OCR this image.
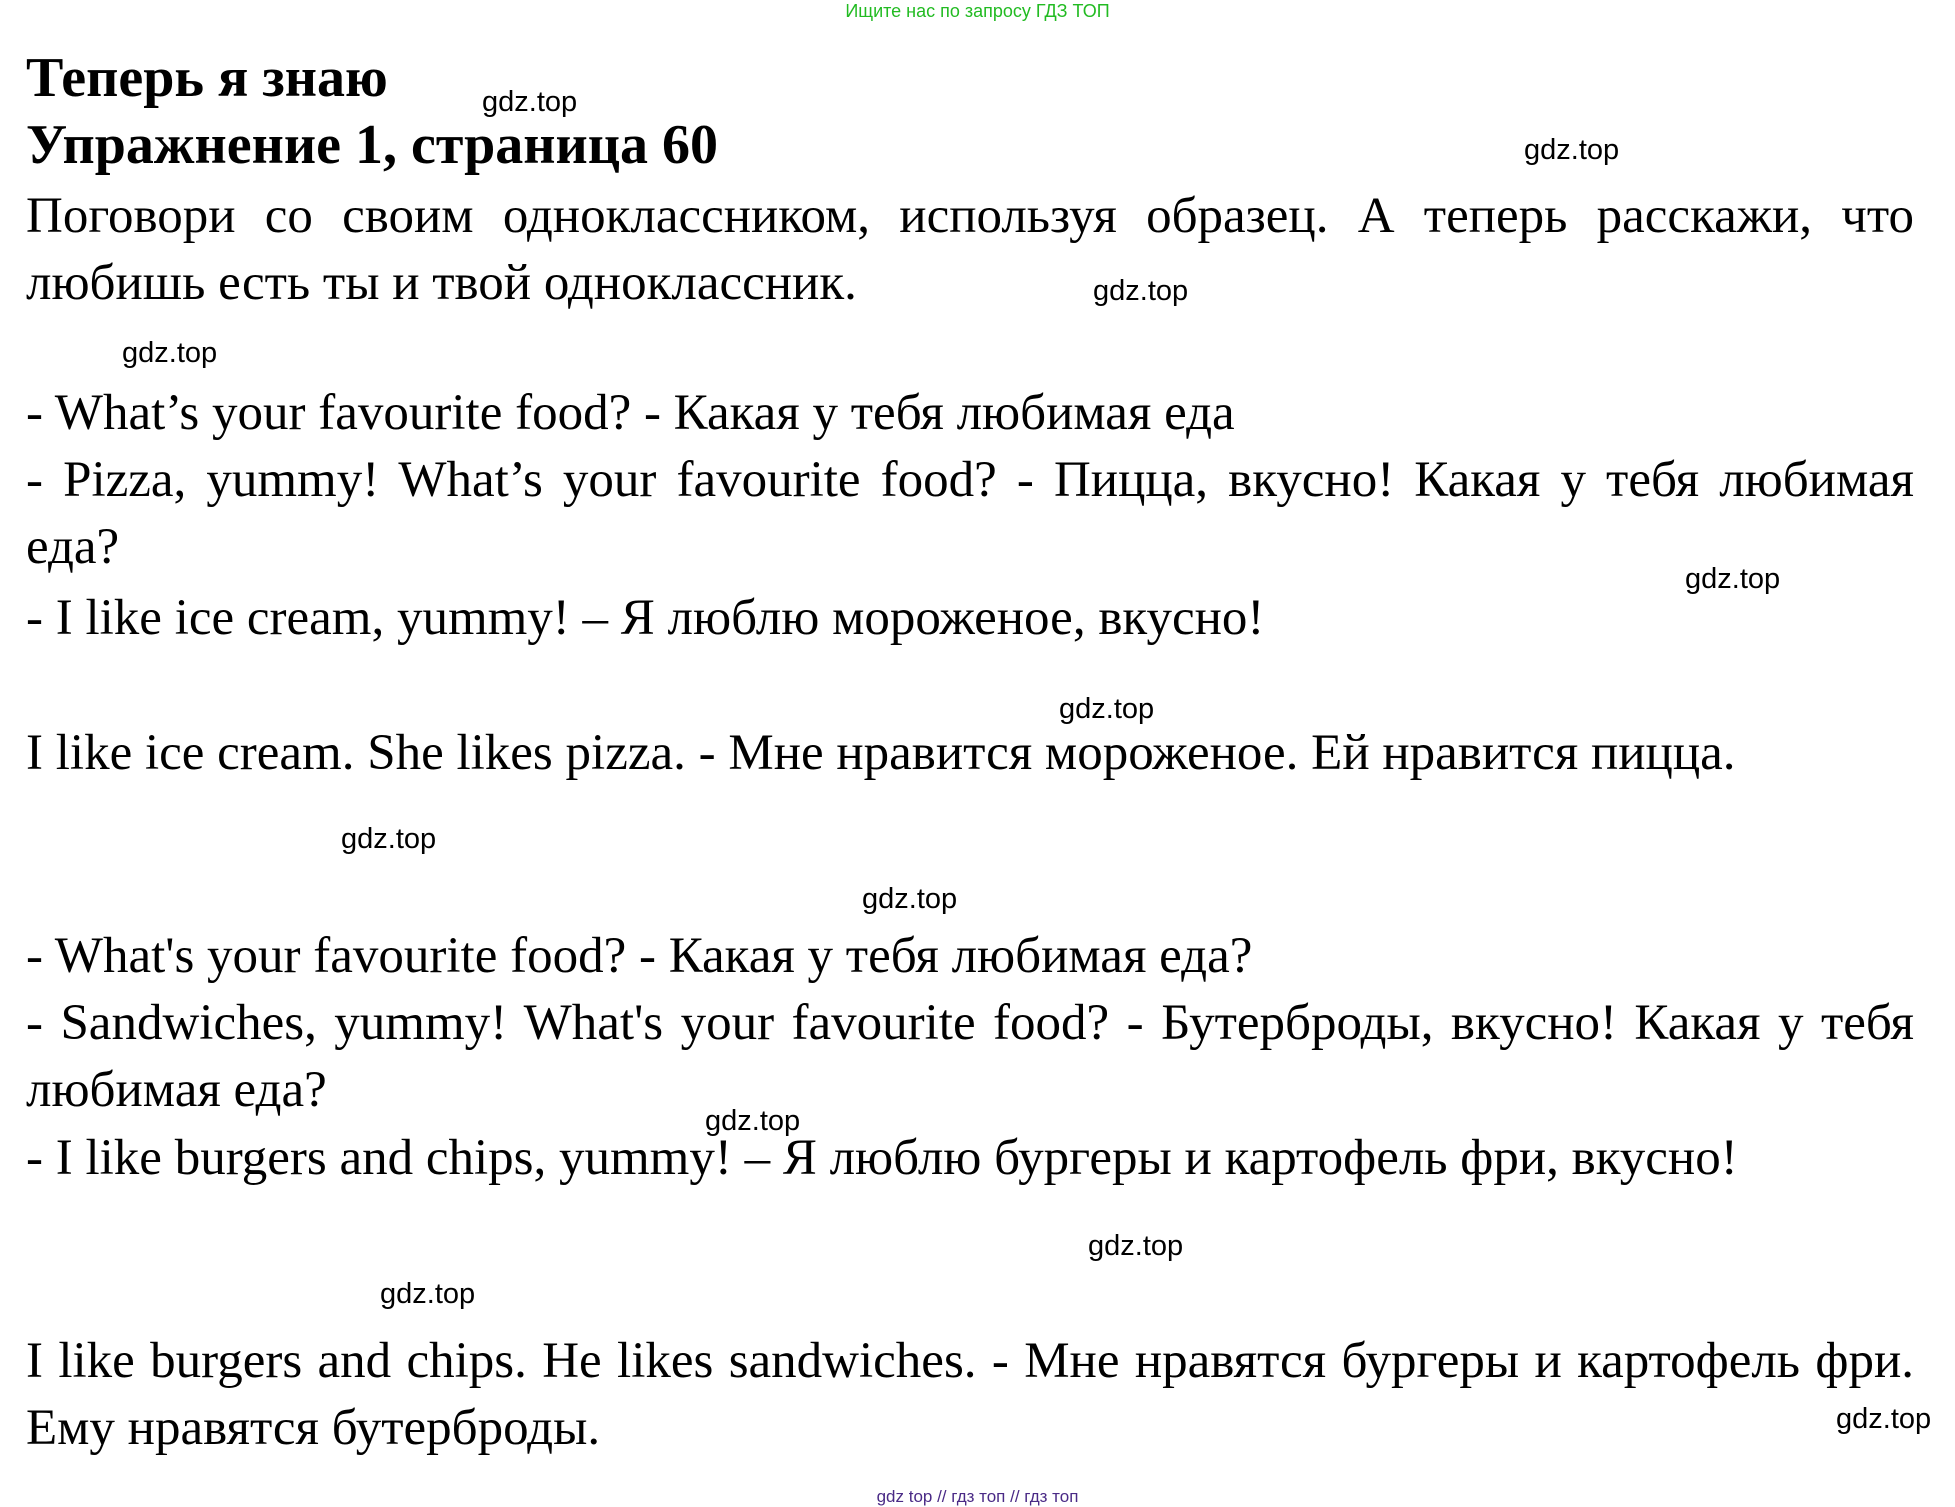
Ищите нас по запросу ГДЗ ТОП
Теперь я знаю
Упражнение 1, страница 60

Поговори со своим одноклассником, используя образец. А теперь расскажи, что любишь есть ты и твой одноклассник.

- What’s your favourite food? - Какая у тебя любимая еда

- Pizza, yummy! What’s your favourite food? - Пицца, вкусно! Какая у тебя любимая еда?

- I like ice cream, yummy! – Я люблю мороженое, вкусно!

I like ice cream. She likes pizza. - Мне нравится мороженое. Ей нравится пицца.

- What's your favourite food? - Какая у тебя любимая еда?

- Sandwiches, yummy! What's your favourite food? - Бутерброды, вкусно! Какая у тебя любимая еда?

- I like burgers and chips, yummy! – Я люблю бургеры и картофель фри, вкусно!

I like burgers and chips. He likes sandwiches. - Мне нравятся бургеры и картофель фри. Ему нравятся бутерброды.

gdz.top
gdz.top
gdz.top
gdz.top
gdz.top
gdz.top
gdz.top
gdz.top
gdz.top
gdz.top
gdz.top
gdz.top
gdz top // гдз топ // гдз топ
